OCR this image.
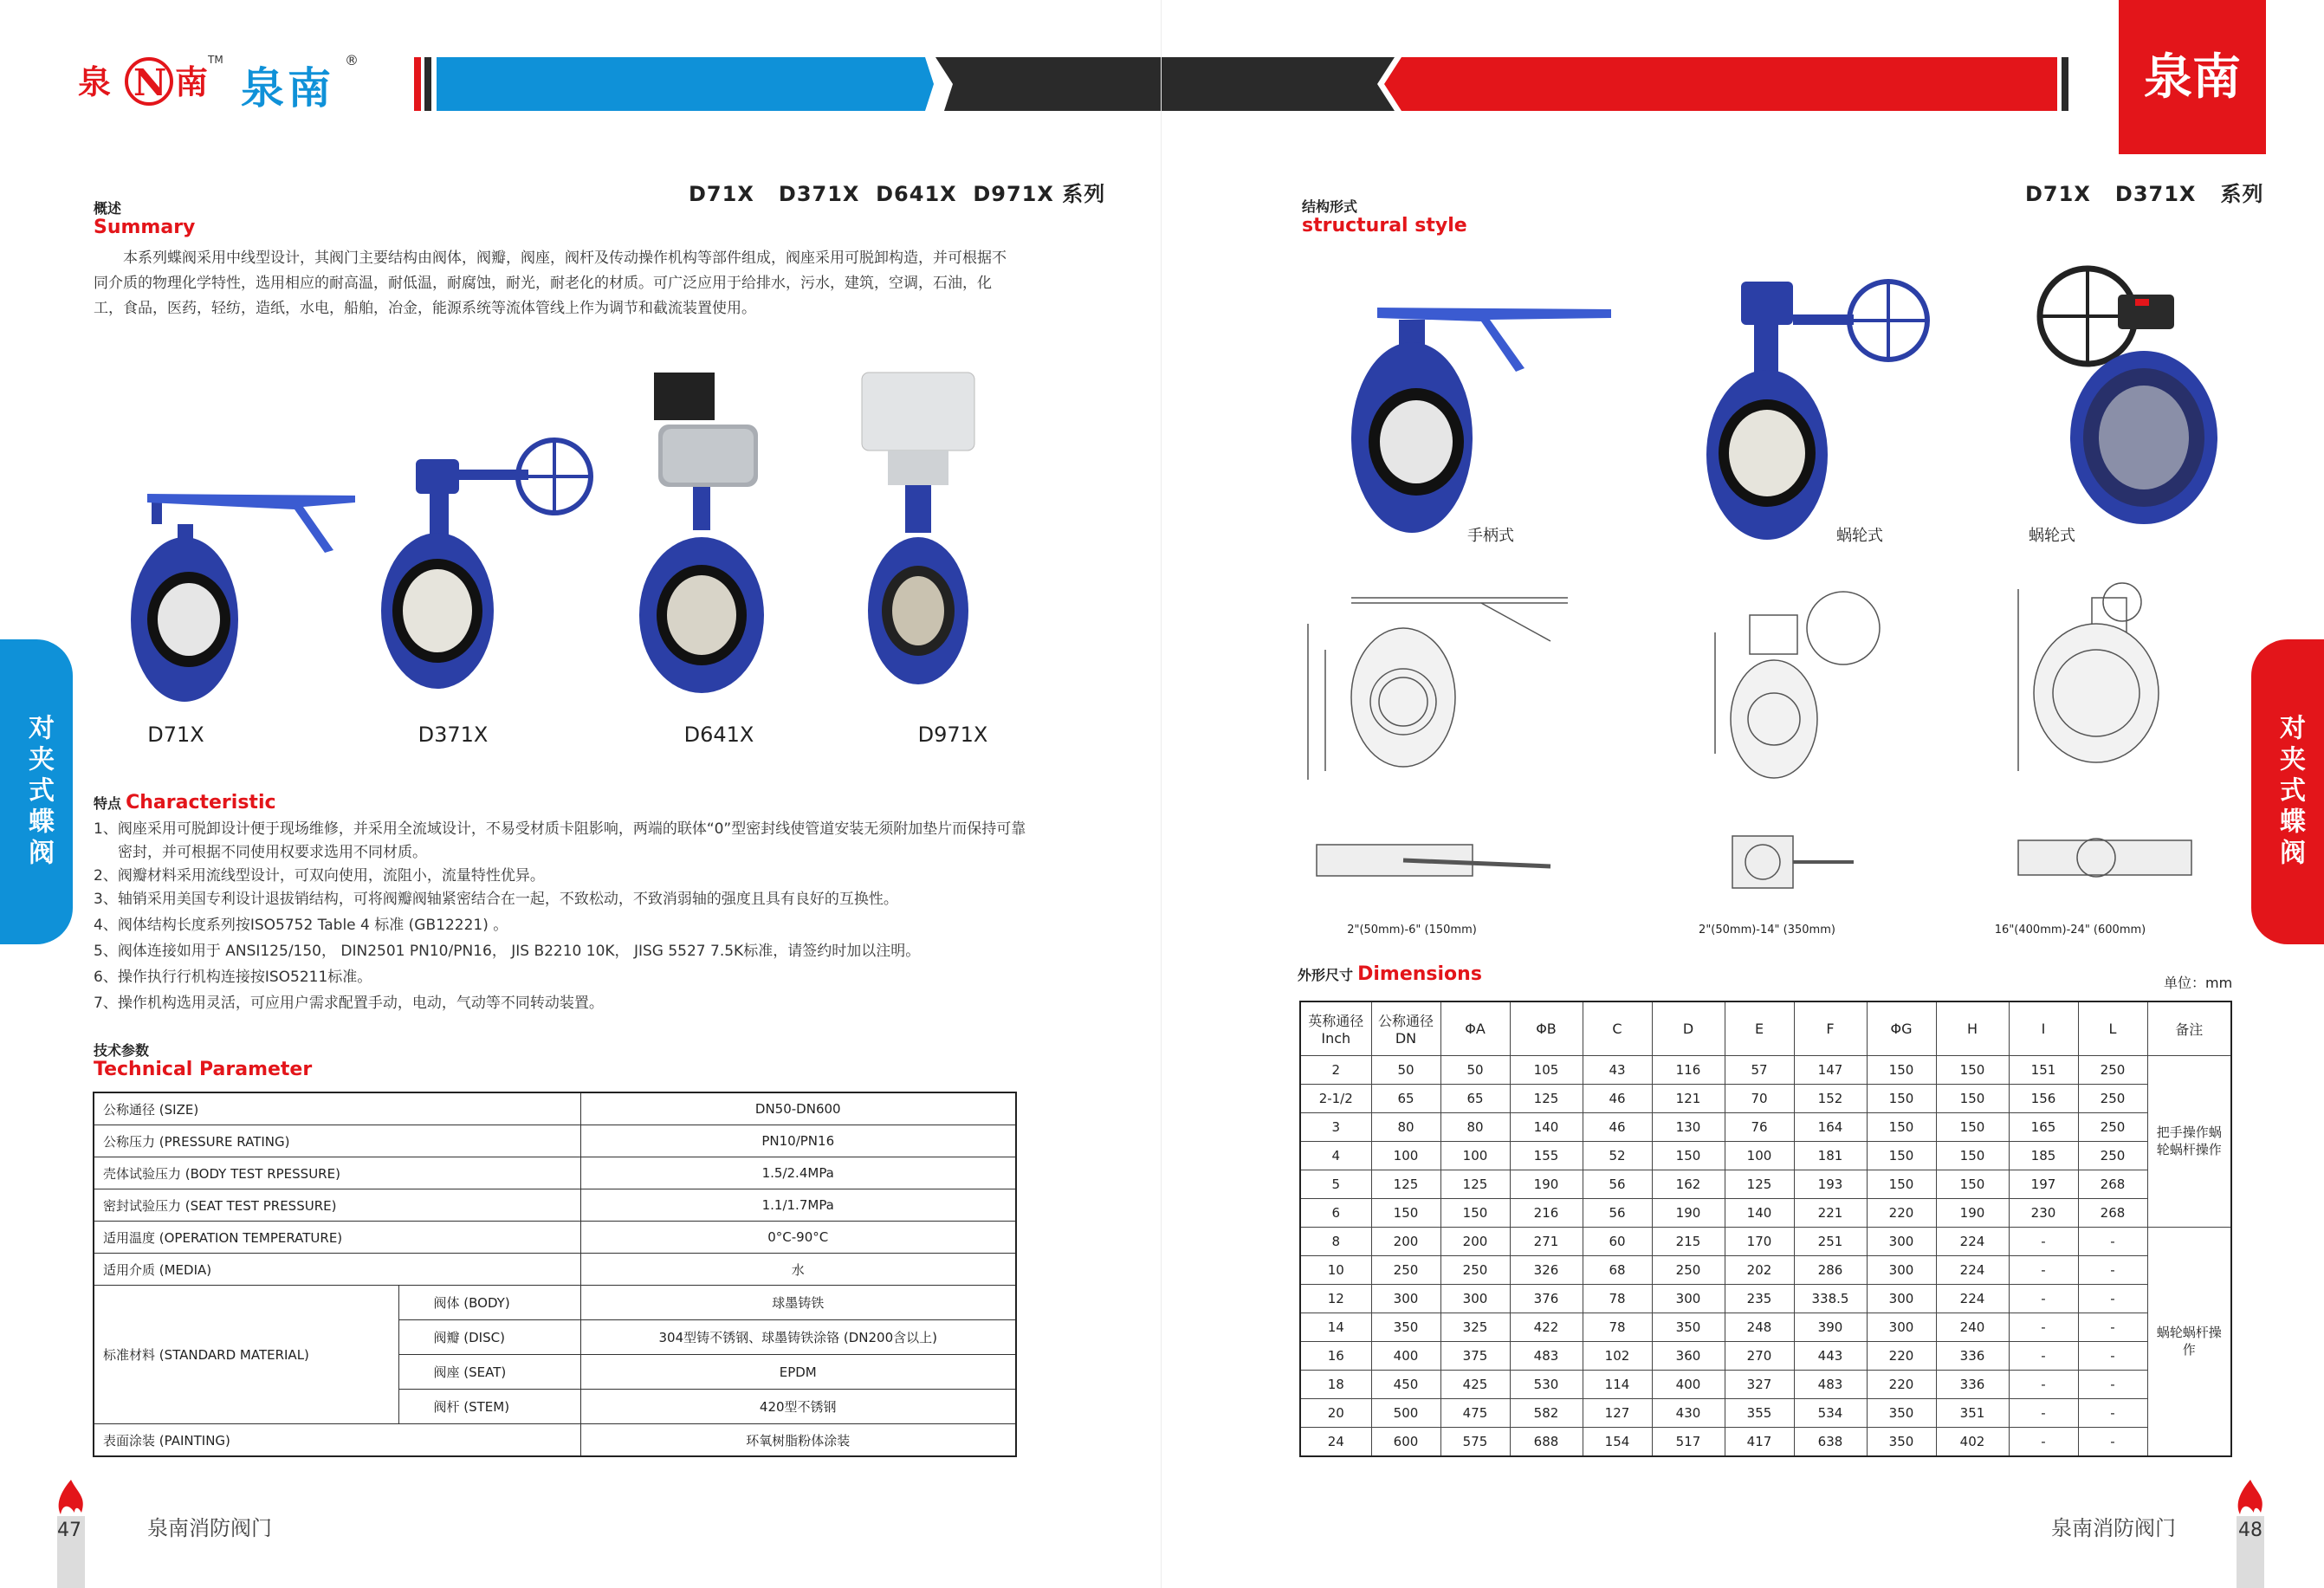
泉 N 南
TM
泉南
®	泉南
对夹式蝶阀
D71X   D371X  D641X  D971X 系列
概述
Summary
本系列蝶阀采用中线型设计，其阀门主要结构由阀体，阀瓣，阀座，阀杆及传动操作机构等部件组成，阀座采用可脱卸构造，并可根据不同介质的物理化学特性，选用相应的耐高温，耐低温，耐腐蚀，耐光，耐老化的材质。可广泛应用于给排水，污水，建筑，空调，石油，化工，食品，医药，轻纺，造纸，水电，船舶，冶金，能源系统等流体管线上作为调节和截流装置使用。
D71X	D371X	D641X	D971X
特点 Characteristic
1、阀座采用可脱卸设计便于现场维修，并采用全流域设计，不易受材质卡阻影响，两端的联体“0”型密封线使管道安装无须附加垫片而保持可靠密封，并可根据不同使用权要求选用不同材质。
2、阀瓣材料采用流线型设计，可双向使用，流阻小，流量特性优异。
3、轴销采用美国专利设计退拔销结构，可将阀瓣阀轴紧密结合在一起，不致松动，不致消弱轴的强度且具有良好的互换性。
4、阀体结构长度系列按ISO5752 Table 4 标准 (GB12221) 。
5、阀体连接如用于 ANSI125/150， DIN2501 PN10/PN16， JIS B2210 10K， JISG 5527 7.5K标准，请签约时加以注明。
6、操作执行行机构连接按ISO5211标准。
7、操作机构选用灵活，可应用户需求配置手动，电动，气动等不同转动装置。
技术参数
Technical Parameter
公称通径 (SIZE)		DN50-DN600
公称压力 (PRESSURE RATING)		PN10/PN16
壳体试验压力 (BODY TEST RPESSURE)		1.5/2.4MPa
密封试验压力 (SEAT TEST PRESSURE)		1.1/1.7MPa
适用温度 (OPERATION TEMPERATURE)		0°C-90°C
适用介质 (MEDIA)		水
标准材料 (STANDARD MATERIAL)	阀体 (BODY)	球墨铸铁
	阀瓣 (DISC)	304型铸不锈钢、球墨铸铁涂铬 (DN200含以上)
	阀座 (SEAT)	EPDM
	阀杆 (STEM)	420型不锈钢
表面涂装 (PAINTING)		环氧树脂粉体涂装
47	泉南消防阀门
D71X   D371X   系列
结构形式
structural style
手柄式	蜗轮式	蜗轮式
2"(50mm)-6" (150mm)	2"(50mm)-14" (350mm)	16"(400mm)-24" (600mm)
外形尺寸 Dimensions	单位：mm
英称通径 Inch	公称通径 DN	ΦA	ΦB	C	D	E	F	ΦG	H	I	L	备注
2	50	50	105	43	116	57	147	150	150	151	250	把手操作蜗轮蜗杆操作
2-1/2	65	65	125	46	121	70	152	150	150	156	250	
3	80	80	140	46	130	76	164	150	150	165	250	
4	100	100	155	52	150	100	181	150	150	185	250	
5	125	125	190	56	162	125	193	150	150	197	268	
6	150	150	216	56	190	140	221	220	190	230	268	
8	200	200	271	60	215	170	251	300	224	-	-	蜗轮蜗杆操作
10	250	250	326	68	250	202	286	300	224	-	-	
12	300	300	376	78	300	235	338.5	300	224	-	-	
14	350	325	422	78	350	248	390	300	240	-	-	
16	400	375	483	102	360	270	443	220	336	-	-	
18	450	425	530	114	400	327	483	220	336	-	-	
20	500	475	582	127	430	355	534	350	351	-	-	
24	600	575	688	154	517	417	638	350	402	-	-	
对夹式蝶阀
泉南消防阀门	48
